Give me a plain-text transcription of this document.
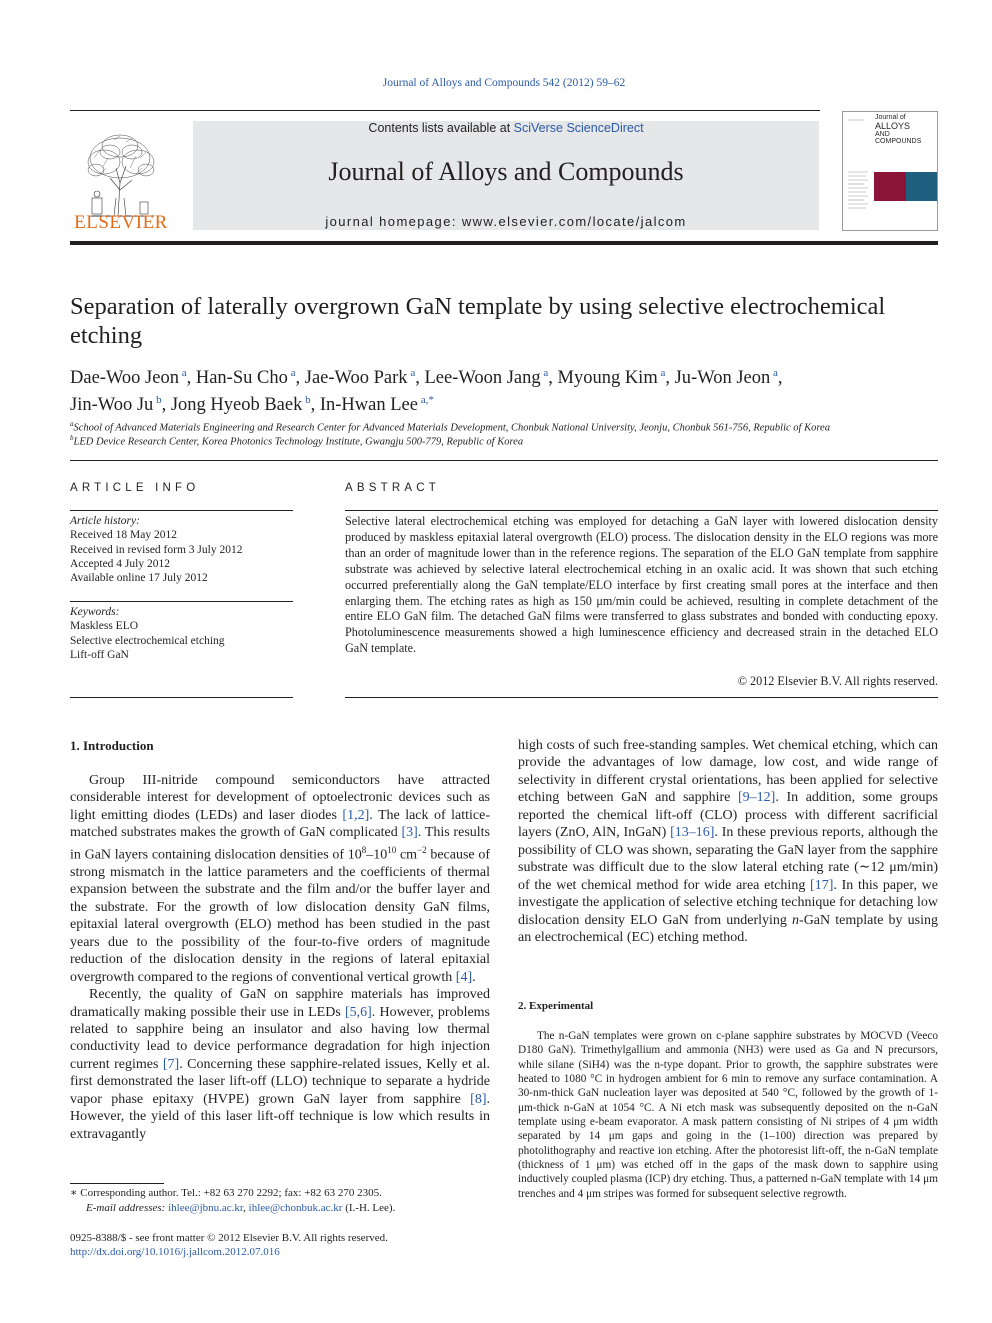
Journal of Alloys and Compounds 542 (2012) 59–62
ELSEVIER
Contents lists available at SciVerse ScienceDirect
Journal of Alloys and Compounds
journal homepage: www.elsevier.com/locate/jalcom
Journal of
ALLOYS
AND COMPOUNDS
Separation of laterally overgrown GaN template by using selective electrochemical etching
Dae-Woo Jeon $^a$, Han-Su Cho $^a$, Jae-Woo Park $^a$, Lee-Woon Jang $^a$, Myoung Kim $^a$, Ju-Won Jeon $^a$,
Jin-Woo Ju $^b$, Jong Hyeob Baek $^b$, In-Hwan Lee $^{a,*}$
$^a$School of Advanced Materials Engineering and Research Center for Advanced Materials Development, Chonbuk National University, Jeonju, Chonbuk 561-756, Republic of Korea
$^b$LED Device Research Center, Korea Photonics Technology Institute, Gwangju 500-779, Republic of Korea
ARTICLE INFO
Article history:
Received 18 May 2012
Received in revised form 3 July 2012
Accepted 4 July 2012
Available online 17 July 2012
Keywords:
Maskless ELO
Selective electrochemical etching
Lift-off GaN
ABSTRACT
Selective lateral electrochemical etching was employed for detaching a GaN layer with lowered dislocation density produced by maskless epitaxial lateral overgrowth (ELO) process. The dislocation density in the ELO regions was more than an order of magnitude lower than in the reference regions. The separation of the ELO GaN template from sapphire substrate was achieved by selective lateral electrochemical etching in an oxalic acid. It was shown that such etching occurred preferentially along the GaN template/ELO interface by first creating small pores at the interface and then enlarging them. The etching rates as high as 150 μm/min could be achieved, resulting in complete detachment of the entire ELO GaN film. The detached GaN films were transferred to glass substrates and bonded with conducting epoxy. Photoluminescence measurements showed a high luminescence efficiency and decreased strain in the detached ELO GaN template.
© 2012 Elsevier B.V. All rights reserved.
1. Introduction

Group III-nitride compound semiconductors have attracted considerable interest for development of optoelectronic devices such as light emitting diodes (LEDs) and laser diodes [1,2]. The lack of lattice-matched substrates makes the growth of GaN complicated [3]. This results in GaN layers containing dislocation densities of $10^8-10^{10}$ $cm^{-2}$ because of strong mismatch in the lattice parameters and the coefficients of thermal expansion between the substrate and the film and/or the buffer layer and the substrate. For the growth of low dislocation density GaN films, epitaxial lateral overgrowth (ELO) method has been studied in the past years due to the possibility of the four-to-five orders of magnitude reduction of the dislocation density in the regions of lateral epitaxial overgrowth compared to the regions of conventional vertical growth [4].

Recently, the quality of GaN on sapphire materials has improved dramatically making possible their use in LEDs [5,6]. However, problems related to sapphire being an insulator and also having low thermal conductivity lead to device performance degradation for high injection current regimes [7]. Concerning these sapphire-related issues, Kelly et al. first demonstrated the laser lift-off (LLO) technique to separate a hydride vapor phase epitaxy (HVPE) grown GaN layer from sapphire [8]. However, the yield of this laser lift-off technique is low which results in extravagantly

high costs of such free-standing samples. Wet chemical etching, which can provide the advantages of low damage, low cost, and wide range of selectivity in different crystal orientations, has been applied for selective etching between GaN and sapphire [9–12]. In addition, some groups reported the chemical lift-off (CLO) process with different sacrificial layers (ZnO, AlN, InGaN) [13–16]. In these previous reports, although the possibility of CLO was shown, separating the GaN layer from the sapphire substrate was difficult due to the slow lateral etching rate (∼12 μm/min) of the wet chemical method for wide area etching [17]. In this paper, we investigate the application of selective etching technique for detaching low dislocation density ELO GaN from underlying n-GaN template by using an electrochemical (EC) etching method.

2. Experimental

The n-GaN templates were grown on c-plane sapphire substrates by MOCVD (Veeco D180 GaN). Trimethylgallium and ammonia (NH3) were used as Ga and N precursors, while silane (SiH4) was the n-type dopant. Prior to growth, the sapphire substrates were heated to 1080 °C in hydrogen ambient for 6 min to remove any surface contamination. A 30-nm-thick GaN nucleation layer was deposited at 540 °C, followed by the growth of 1-μm-thick n-GaN at 1054 °C. A Ni etch mask was subsequently deposited on the n-GaN template using e-beam evaporator. A mask pattern consisting of Ni stripes of 4 μm width separated by 14 μm gaps and going in the (1–100) direction was prepared by photolithography and reactive ion etching. After the photoresist lift-off, the n-GaN template (thickness of 1 μm) was etched off in the gaps of the mask down to sapphire using inductively coupled plasma (ICP) dry etching. Thus, a patterned n-GaN template with 14 μm trenches and 4 μm stripes was formed for subsequent selective regrowth.

∗ Corresponding author. Tel.: +82 63 270 2292; fax: +82 63 270 2305.
E-mail addresses: ihlee@jbnu.ac.kr, ihlee@chonbuk.ac.kr (I.-H. Lee).
0925-8388/$ - see front matter © 2012 Elsevier B.V. All rights reserved.
http://dx.doi.org/10.1016/j.jallcom.2012.07.016
